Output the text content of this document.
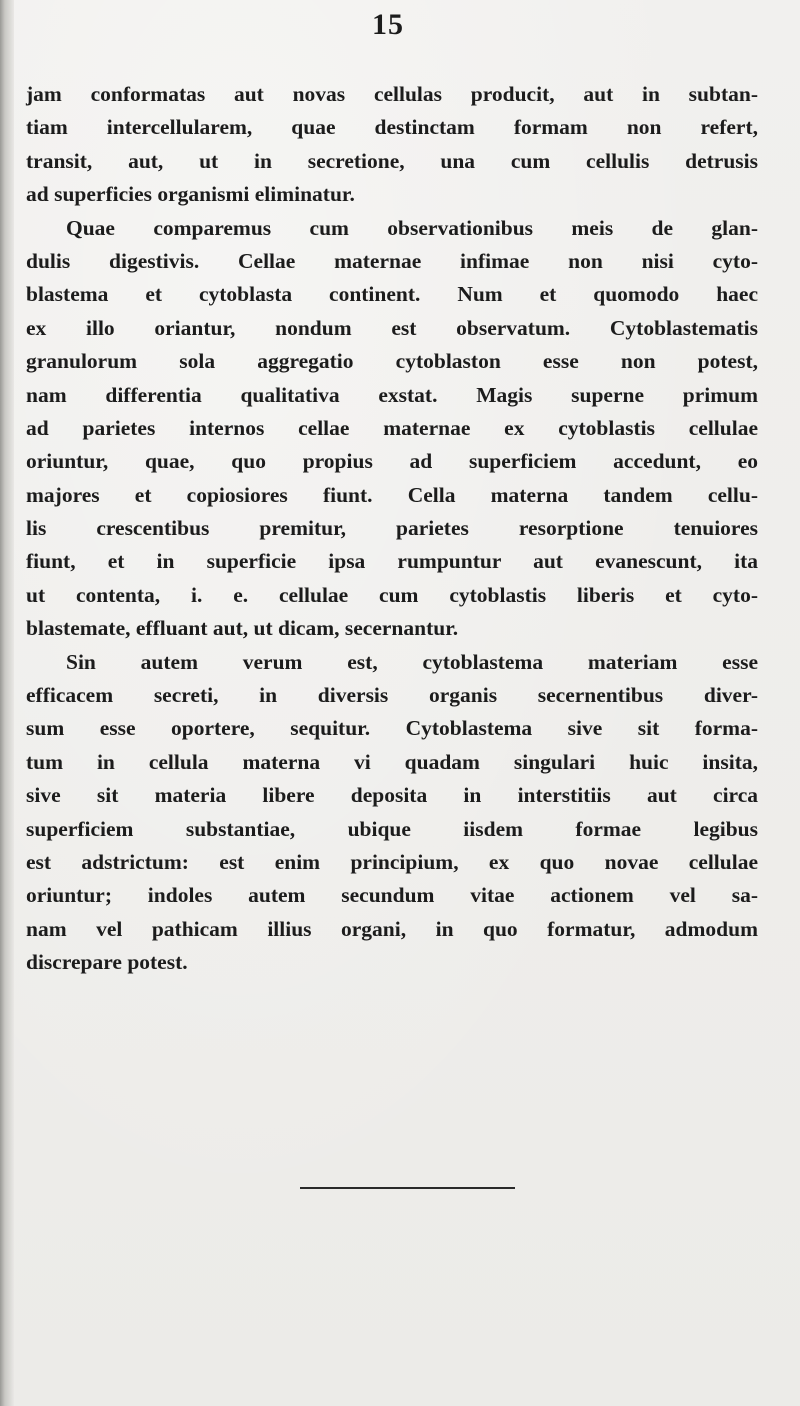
15
jam conformatas aut novas cellulas producit, aut in subtan-
tiam intercellularem, quae destinctam formam non refert,
transit, aut, ut in secretione, una cum cellulis detrusis
ad superficies organismi eliminatur.
Quae comparemus cum observationibus meis de glan-
dulis digestivis. Cellae maternae infimae non nisi cyto-
blastema et cytoblasta continent. Num et quomodo haec
ex illo oriantur, nondum est observatum. Cytoblastematis
granulorum sola aggregatio cytoblaston esse non potest,
nam differentia qualitativa exstat. Magis superne primum
ad parietes internos cellae maternae ex cytoblastis cellulae
oriuntur, quae, quo propius ad superficiem accedunt, eo
majores et copiosiores fiunt. Cella materna tandem cellu-
lis crescentibus premitur, parietes resorptione tenuiores
fiunt, et in superficie ipsa rumpuntur aut evanescunt, ita
ut contenta, i. e. cellulae cum cytoblastis liberis et cyto-
blastemate, effluant aut, ut dicam, secernantur.
Sin autem verum est, cytoblastema materiam esse
efficacem secreti, in diversis organis secernentibus diver-
sum esse oportere, sequitur. Cytoblastema sive sit forma-
tum in cellula materna vi quadam singulari huic insita,
sive sit materia libere deposita in interstitiis aut circa
superficiem substantiae, ubique iisdem formae legibus
est adstrictum: est enim principium, ex quo novae cellulae
oriuntur; indoles autem secundum vitae actionem vel sa-
nam vel pathicam illius organi, in quo formatur, admodum
discrepare potest.
